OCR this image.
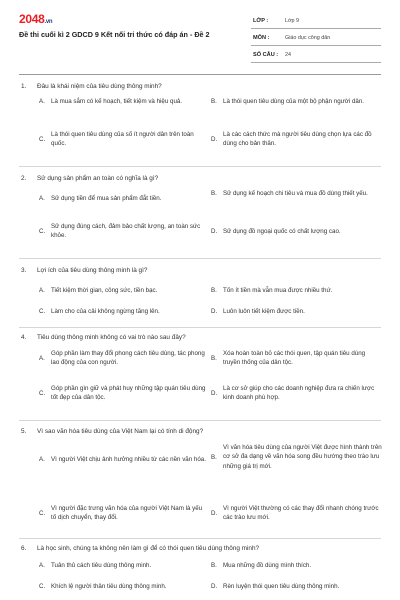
2048.vn
Đề thi cuối kì 2 GDCD 9 Kết nối tri thức có đáp án - Đề 2
LỚP :	Lớp 9
MÔN :	Giáo dục công dân
SỐ CÂU : 24
1. Đâu là khái niệm của tiêu dùng thông minh?
A. Là mua sắm có kế hoạch, tiết kiệm và hiệu quả.	B. Là thói quen tiêu dùng của một bộ phận người dân.
C.
Là thói quen tiêu dùng của số ít người dân trên toàn quốc.
D.
Là các cách thức mà người tiêu dùng chọn lựa các đồ dùng cho bản thân.
2. Sử dụng sản phẩm an toàn có nghĩa là gì?
A. Sử dụng tiền để mua sản phẩm đắt tiền.
B. Sử dụng kế hoạch chi tiêu và mua đồ dùng thiết yếu.
C.
Sử dụng đúng cách, đảm bảo chất lượng, an toàn sức khỏe.
D. Sử dụng đồ ngoại quốc có chất lượng cao.
3. Lợi ích của tiêu dùng thông minh là gì?
A. Tiết kiệm thời gian, công sức, tiền bạc.	B. Tốn ít tiền mà vẫn mua được nhiều thứ.
C. Làm cho của cải không ngừng tăng lên.	D. Luôn luôn tiết kiệm được tiền.
4. Tiêu dùng thông minh không có vai trò nào sau đây?
A.
Góp phần làm thay đổi phong cách tiêu dùng, tác phong lao động của con người.
B.
Xóa hoàn toàn bỏ các thói quen, tập quán tiêu dùng truyền thống của dân tộc.
C.
Góp phần gìn giữ và phát huy những tập quán tiêu dùng tốt đẹp của dân tộc.
D.
Là cơ sở giúp cho các doanh nghiệp đưa ra chiến lược kinh doanh phù hợp.
5. Vì sao văn hóa tiêu dùng của Việt Nam lại có tính di động?
A. Vì người Việt chịu ảnh hưởng nhiều từ các nền văn hóa. B.
Vì văn hóa tiêu dùng của người Việt được hình thành trên cơ sở đa dạng về văn hóa song đều hướng theo trào lưu những giá trị mới.
C.
Vì người đặc trưng văn hóa của người Việt Nam là yếu tố dịch chuyển, thay đổi.
D.
Vì người Việt thường có các thay đổi nhanh chóng trước các trào lưu mới.
6. Là học sinh, chúng ta không nên làm gì để có thói quen tiêu dùng thông minh?
A. Tuân thủ cách tiêu dùng thông minh.	B. Mua những đồ dùng mình thích.
C. Khích lệ người thân tiêu dùng thông minh.	D. Rèn luyện thói quen tiêu dùng thông minh.
